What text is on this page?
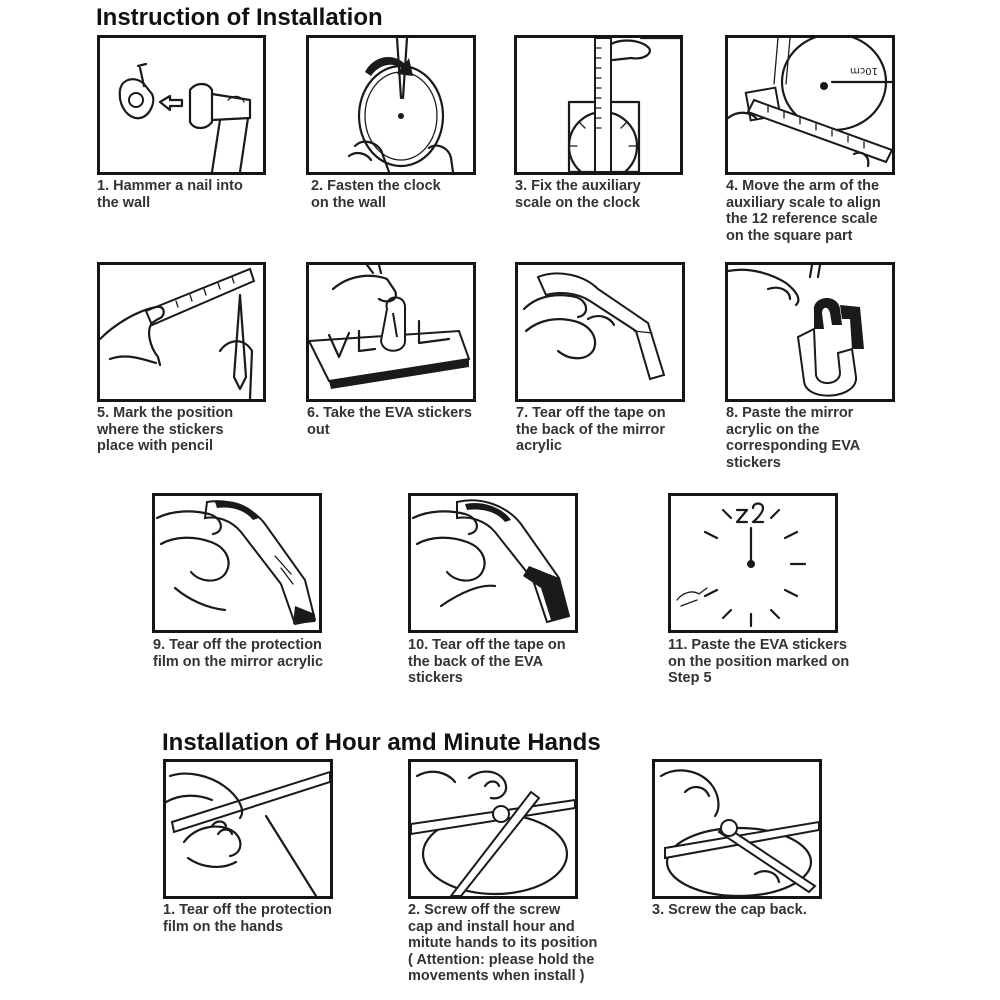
Instruction of Installation
Installation of Hour amd Minute Hands
1. Hammer a nail into
the wall
2. Fasten the clock
on the wall
3. Fix the auxiliary
scale on the clock
10cm
4. Move the arm of the
auxiliary scale to align
the 12 reference scale
on the square part
5. Mark the position
where the stickers
place with pencil
6. Take the EVA stickers
out
7. Tear off the tape on
the back of the mirror
acrylic
8. Paste the mirror
acrylic on the
corresponding EVA
stickers
9. Tear off the protection
film on the mirror acrylic
10. Tear off the tape on
the back of the EVA
stickers
11. Paste the EVA stickers
on the position marked on
Step 5
1. Tear off the protection
film on the hands
2. Screw off the screw
cap and install hour and
mitute hands to its position
( Attention: please hold the
movements when install )
3. Screw the cap back.
